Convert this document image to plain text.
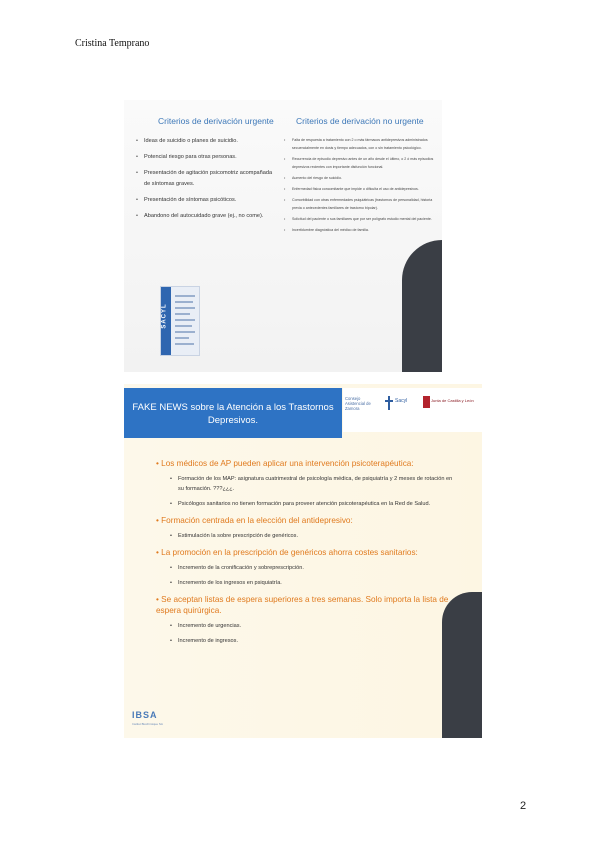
Cristina Temprano
Criterios de derivación urgente
• Ideas de suicidio o planes de suicidio.
• Potencial riesgo para otras personas.
• Presentación de agitación psicomotriz acompañada de síntomas graves.
• Presentación de síntomas psicóticos.
• Abandono del autocuidado grave (ej., no come).
SACYL
Criterios de derivación no urgente
• Falta de respuesta a tratamiento con 2 o más fármacos antidepresivos administrados secuencialmente en dosis y tiempo adecuados, con o sin tratamiento psicológico.
• Recurrencia de episodio depresivo antes de un año desde el último, o 2 ó más episodios depresivos recientes con importante disfunción funcional.
• Aumento del riesgo de suicidio.
• Enfermedad física concomitante que impide o dificulta el uso de antidepresivos.
• Comorbilidad con otras enfermedades psiquiátricas (trastornos de personalidad, historia previa o antecedentes familiares de trastorno bipolar).
• Solicitud del paciente o sus familiares que por ser polígrafo estudio mental del paciente.
• Incertidumbre diagnóstica del médico de familia.
FAKE NEWS sobre la Atención a los Trastornos
Depresivos.
Consejo Asistencial de Zamora
Sacyl	Junta de Castilla y León
• Los médicos de AP pueden aplicar una intervención psicoterapéutica:
• Formación de los MAP: asignatura cuatrimestral de psicología médica, de psiquiatría y 2 meses de rotación en su formación. ???¿¿¿.
• Psicólogos sanitarios no tienen formación para proveer atención psicoterapéutica en la Red de Salud.
• Formación centrada en la elección del antidepresivo:
• Estimulación la sobre prescripción de genéricos.
• La promoción en la prescripción de genéricos ahorra costes sanitarios:
• Incremento de la cronificación y sobreprescripción.
• Incremento de los ingresos en psiquiatría.
• Se aceptan listas de espera superiores a tres semanas. Solo importa la lista de espera quirúrgica.
• Incremento de urgencias.
• Incremento de ingresos.
IBSA
Institut Biochimique SA
2
